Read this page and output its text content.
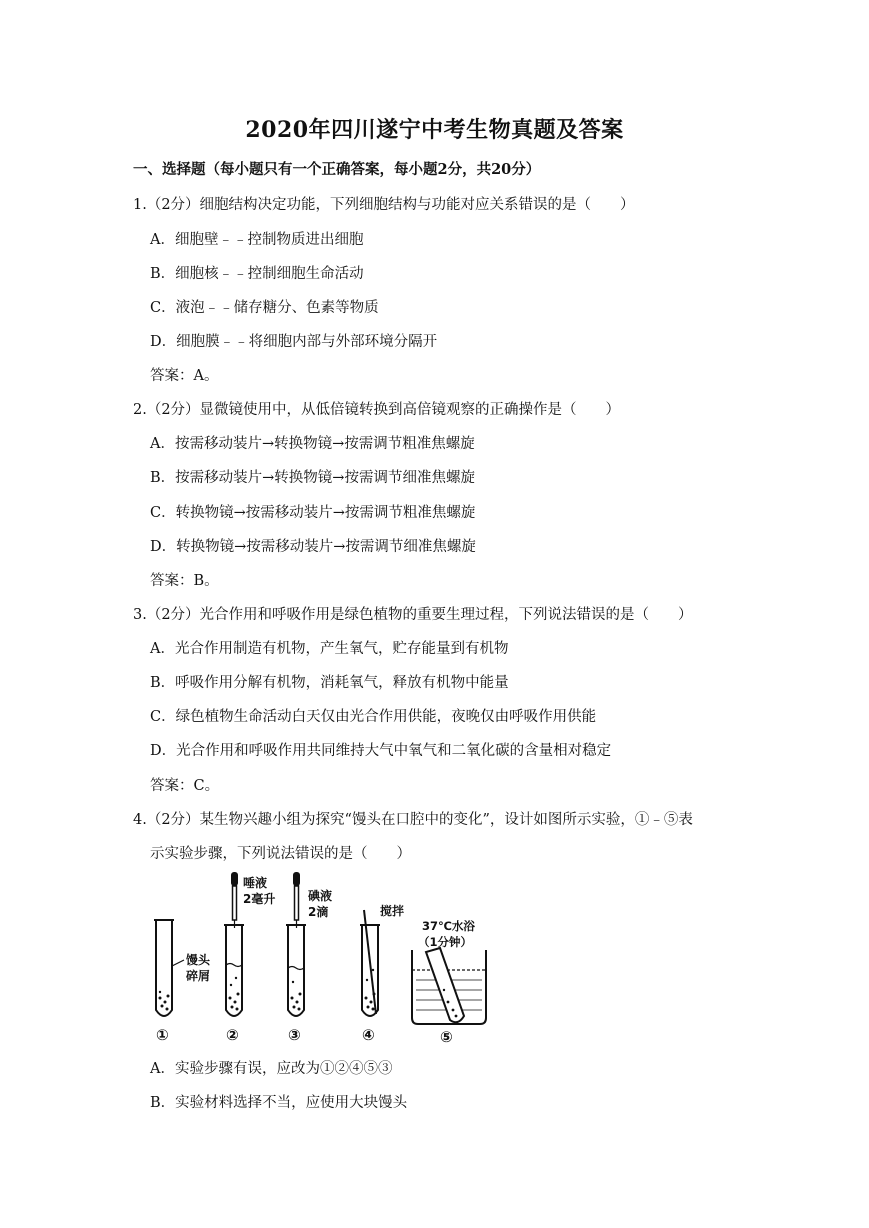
2020年四川遂宁中考生物真题及答案
一、选择题（每小题只有一个正确答案，每小题2分，共20分）
1.（2分）细胞结构决定功能，下列细胞结构与功能对应关系错误的是（　　）
A．细胞壁﹣﹣控制物质进出细胞
B．细胞核﹣﹣控制细胞生命活动
C．液泡﹣﹣储存糖分、色素等物质
D．细胞膜﹣﹣将细胞内部与外部环境分隔开
答案：A。
2.（2分）显微镜使用中，从低倍镜转换到高倍镜观察的正确操作是（　　）
A．按需移动装片→转换物镜→按需调节粗准焦螺旋
B．按需移动装片→转换物镜→按需调节细准焦螺旋
C．转换物镜→按需移动装片→按需调节粗准焦螺旋
D．转换物镜→按需移动装片→按需调节细准焦螺旋
答案：B。
3.（2分）光合作用和呼吸作用是绿色植物的重要生理过程，下列说法错误的是（　　）
A．光合作用制造有机物，产生氧气，贮存能量到有机物
B．呼吸作用分解有机物，消耗氧气，释放有机物中能量
C．绿色植物生命活动白天仅由光合作用供能，夜晚仅由呼吸作用供能
D．光合作用和呼吸作用共同维持大气中氧气和二氧化碳的含量相对稳定
答案：C。
4.（2分）某生物兴趣小组为探究“馒头在口腔中的变化”，设计如图所示实验，①﹣⑤表
示实验步骤，下列说法错误的是（　　）
馒头
碎屑
唾液
2毫升	碘液
2滴	搅拌
37℃水浴
（1分钟）
①	②	③	④	⑤
A．实验步骤有误，应改为①②④⑤③
B．实验材料选择不当，应使用大块馒头
